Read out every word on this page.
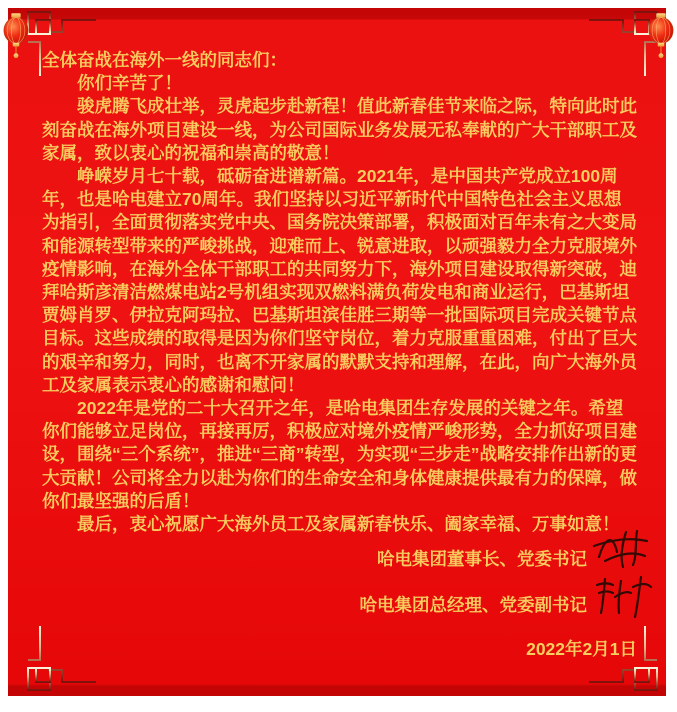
全体奋战在海外一线的同志们：
　　你们辛苦了！
　　骏虎腾飞成壮举，灵虎起步赴新程！值此新春佳节来临之际，特向此时此
刻奋战在海外项目建设一线，为公司国际业务发展无私奉献的广大干部职工及
家属，致以衷心的祝福和崇高的敬意！
　　峥嵘岁月七十载，砥砺奋进谱新篇。2021年，是中国共产党成立100周
年，也是哈电建立70周年。我们坚持以习近平新时代中国特色社会主义思想
为指引，全面贯彻落实党中央、国务院决策部署，积极面对百年未有之大变局
和能源转型带来的严峻挑战，迎难而上、锐意进取，以顽强毅力全力克服境外
疫情影响，在海外全体干部职工的共同努力下，海外项目建设取得新突破，迪
拜哈斯彦清洁燃煤电站2号机组实现双燃料满负荷发电和商业运行，巴基斯坦
贾姆肖罗、伊拉克阿玛拉、巴基斯坦滨佳胜三期等一批国际项目完成关键节点
目标。这些成绩的取得是因为你们坚守岗位，着力克服重重困难，付出了巨大
的艰辛和努力，同时，也离不开家属的默默支持和理解，在此，向广大海外员
工及家属表示衷心的感谢和慰问！
　　2022年是党的二十大召开之年，是哈电集团生存发展的关键之年。希望
你们能够立足岗位，再接再厉，积极应对境外疫情严峻形势，全力抓好项目建
设，围绕“三个系统”，推进“三商”转型，为实现“三步走”战略安排作出新的更
大贡献！公司将全力以赴为你们的生命安全和身体健康提供最有力的保障，做
你们最坚强的后盾！
　　最后，衷心祝愿广大海外员工及家属新春快乐、阖家幸福、万事如意！
哈电集团董事长、党委书记
哈电集团总经理、党委副书记
2022年2月1日
